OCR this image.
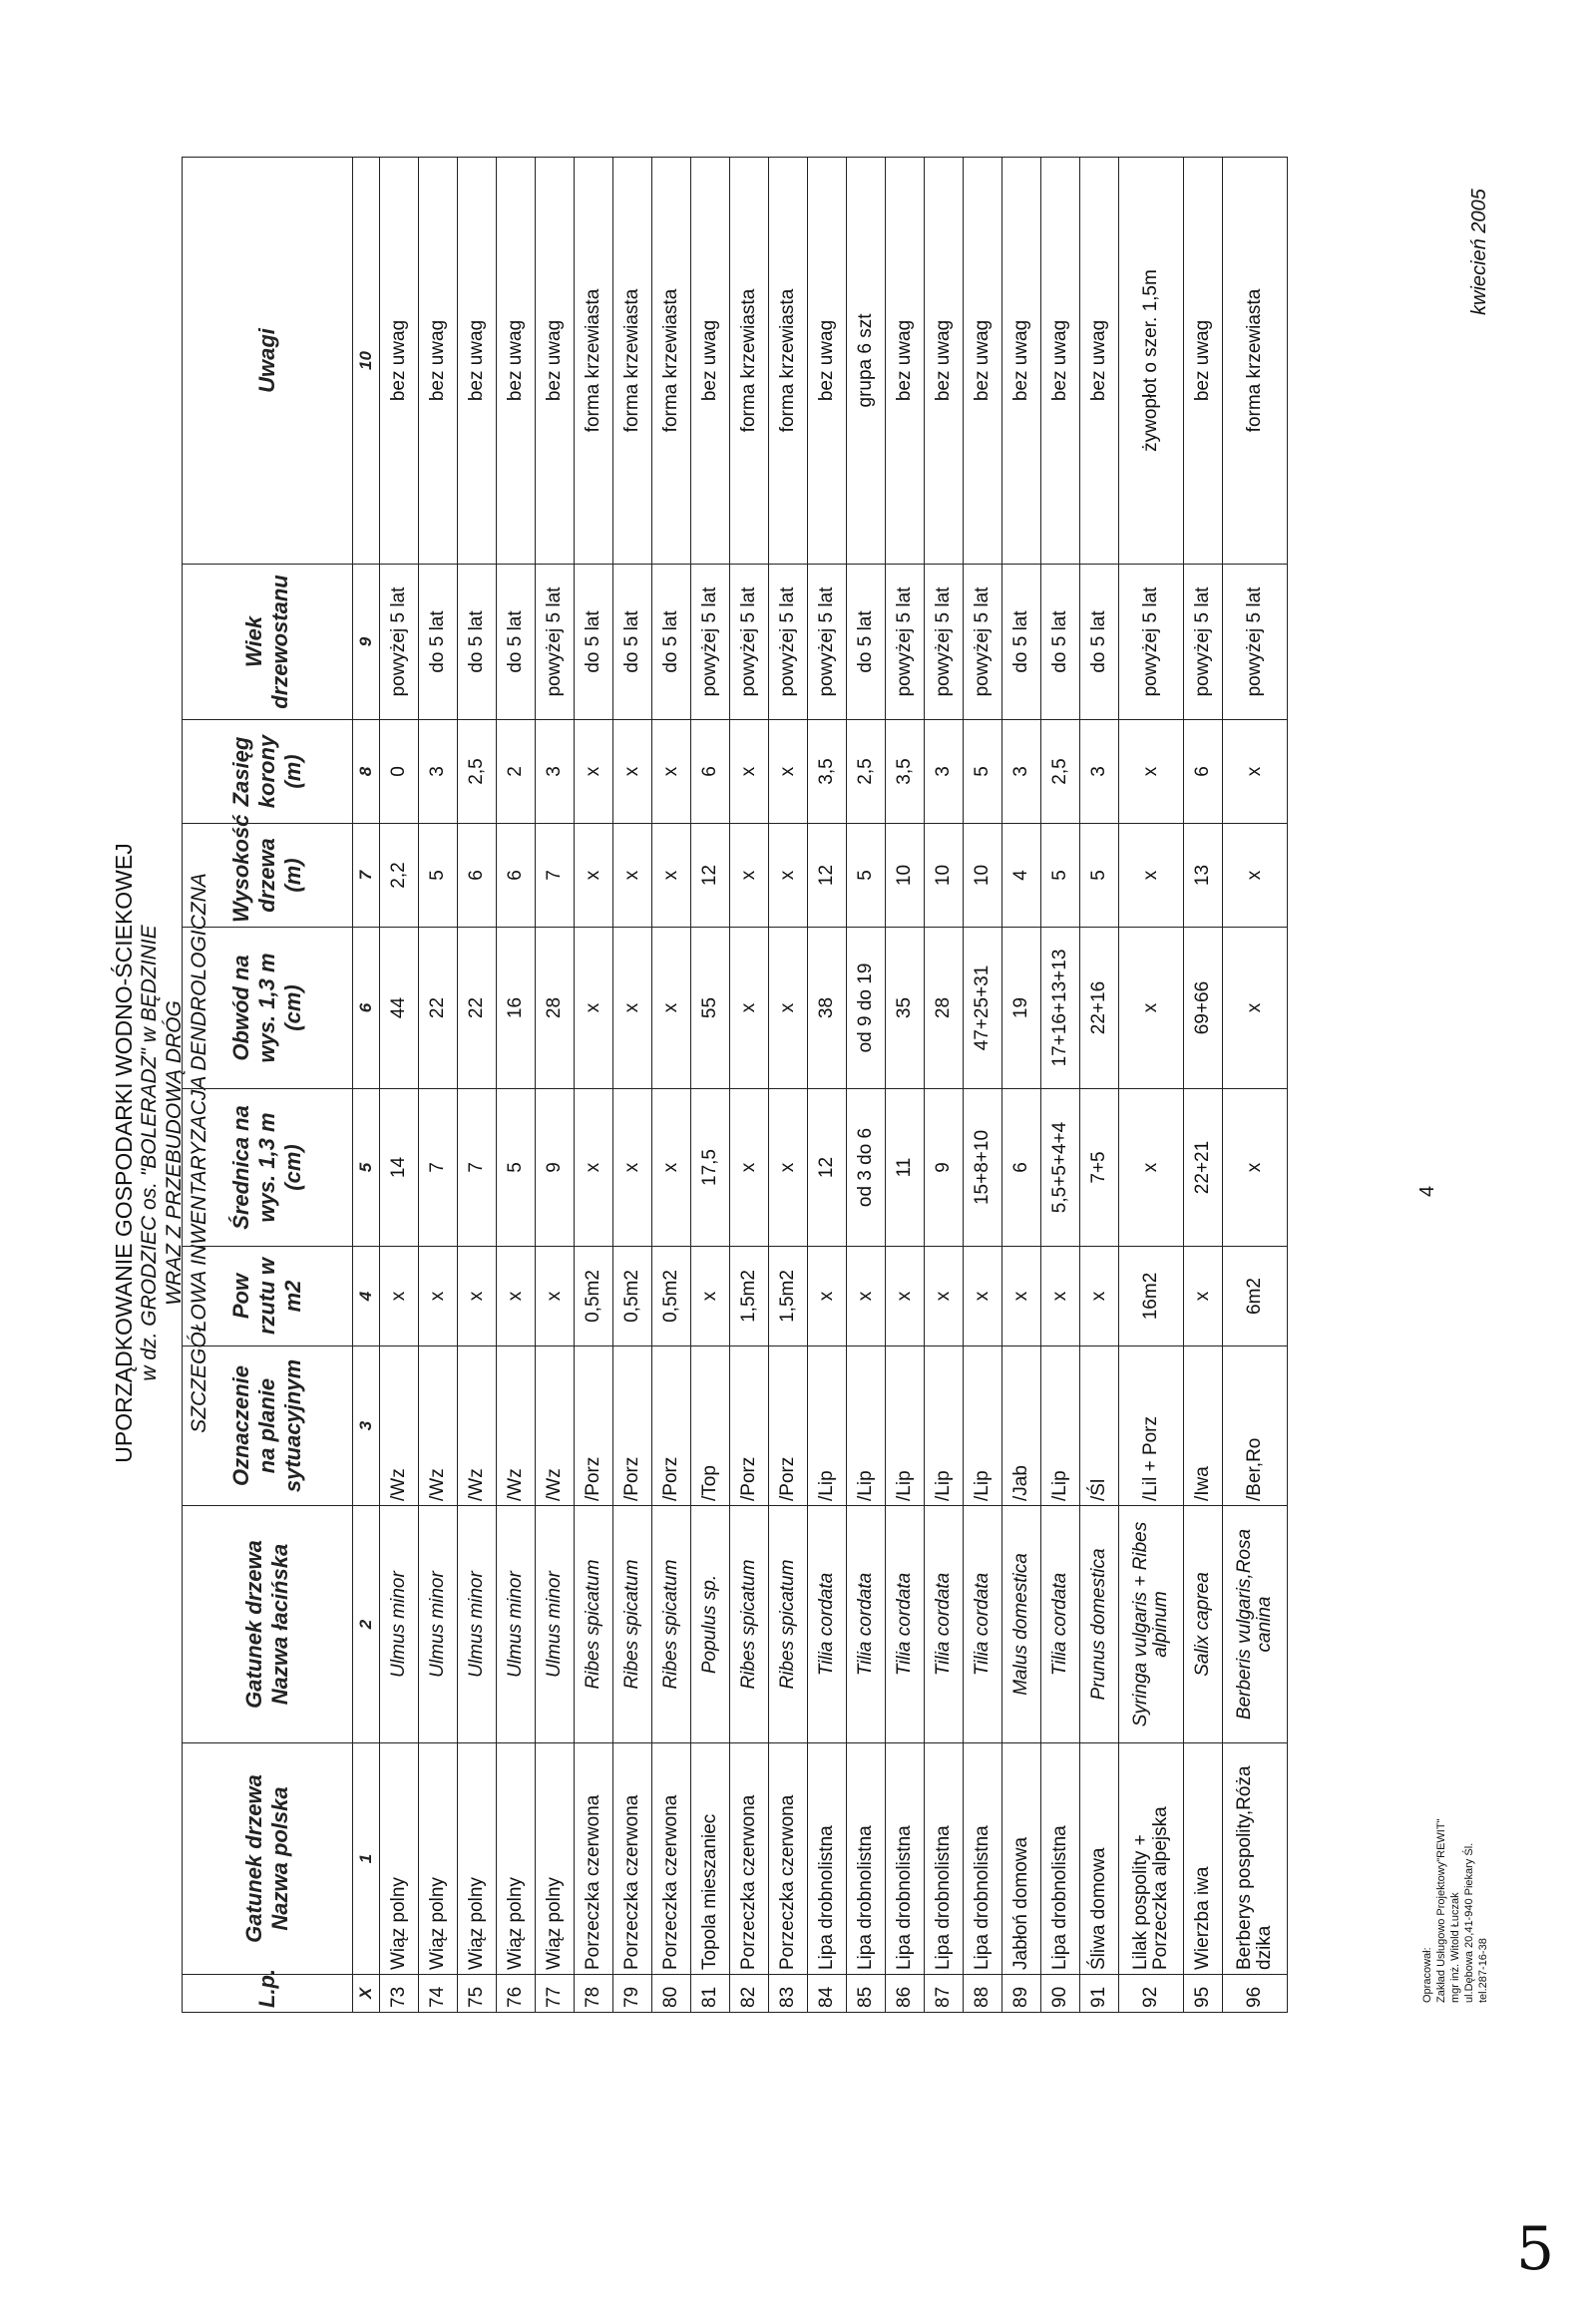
UPORZĄDKOWANIE GOSPODARKI WODNO-ŚCIEKOWEJ w dz. GRODZIEC os. "BOLERADZ" w BĘDZINIE WRAZ Z PRZEBUDOWĄ DRÓG SZCZEGÓŁOWA INWENTARYZACJA DENDROLOGICZNA
L.p.	Gatunek drzewa Nazwa polska	Gatunek drzewa Nazwa łacińska	Oznaczenie na planie sytuacyjnym	Pow rzutu w m2	Średnica na wys. 1,3 m (cm)	Obwód na wys. 1,3 m (cm)	Wysokość drzewa (m)	Zasięg korony (m)	Wiek drzewostanu	Uwagi
X	1	2	3	4	5	6	7	8	9	10
73	Wiąz polny	Ulmus minor	/Wz	x	14	44	2,2	0	powyżej 5 lat	bez uwag
74	Wiąz polny	Ulmus minor	/Wz	x	7	22	5	3	do 5 lat	bez uwag
75	Wiąz polny	Ulmus minor	/Wz	x	7	22	6	2,5	do 5 lat	bez uwag
76	Wiąz polny	Ulmus minor	/Wz	x	5	16	6	2	do 5 lat	bez uwag
77	Wiąz polny	Ulmus minor	/Wz	x	9	28	7	3	powyżej 5 lat	bez uwag
78	Porzeczka czerwona	Ribes spicatum	/Porz	0,5m2	x	x	x	x	do 5 lat	forma krzewiasta
79	Porzeczka czerwona	Ribes spicatum	/Porz	0,5m2	x	x	x	x	do 5 lat	forma krzewiasta
80	Porzeczka czerwona	Ribes spicatum	/Porz	0,5m2	x	x	x	x	do 5 lat	forma krzewiasta
81	Topola mieszaniec	Populus sp.	/Top	x	17,5	55	12	6	powyżej 5 lat	bez uwag
82	Porzeczka czerwona	Ribes spicatum	/Porz	1,5m2	x	x	x	x	powyżej 5 lat	forma krzewiasta
83	Porzeczka czerwona	Ribes spicatum	/Porz	1,5m2	x	x	x	x	powyżej 5 lat	forma krzewiasta
84	Lipa drobnolistna	Tilia cordata	/Lip	x	12	38	12	3,5	powyżej 5 lat	bez uwag
85	Lipa drobnolistna	Tilia cordata	/Lip	x	od 3 do 6	od 9 do 19	5	2,5	do 5 lat	grupa 6 szt
86	Lipa drobnolistna	Tilia cordata	/Lip	x	11	35	10	3,5	powyżej 5 lat	bez uwag
87	Lipa drobnolistna	Tilia cordata	/Lip	x	9	28	10	3	powyżej 5 lat	bez uwag
88	Lipa drobnolistna	Tilia cordata	/Lip	x	15+8+10	47+25+31	10	5	powyżej 5 lat	bez uwag
89	Jabłoń domowa	Malus domestica	/Jab	x	6	19	4	3	do 5 lat	bez uwag
90	Lipa drobnolistna	Tilia cordata	/Lip	x	5,5+5+4+4	17+16+13+13	5	2,5	do 5 lat	bez uwag
91	Śliwa domowa	Prunus domestica	/Śl	x	7+5	22+16	5	3	do 5 lat	bez uwag
92	Lilak pospolity + Porzeczka alpejska	Syringa vulgaris + Ribes alpinum	/Lil + Porz	16m2	x	x	x	x	powyżej 5 lat	żywopłot o szer. 1,5m
95	Wierzba iwa	Salix caprea	/Iwa	x	22+21	69+66	13	6	powyżej 5 lat	bez uwag
96	Berberys pospolity,Róża dzika	Berberis vulgaris,Rosa canina	/Ber,Ro	6m2	x	x	x	x	powyżej 5 lat	forma krzewiasta
Opracował: Zakład Usługowo Projektowy"REWIT" mgr inż. Witold Łuczak ul.Dębowa 20,41-940 Piekary Śl. tel.287-16-38
4
kwiecień 2005
5
